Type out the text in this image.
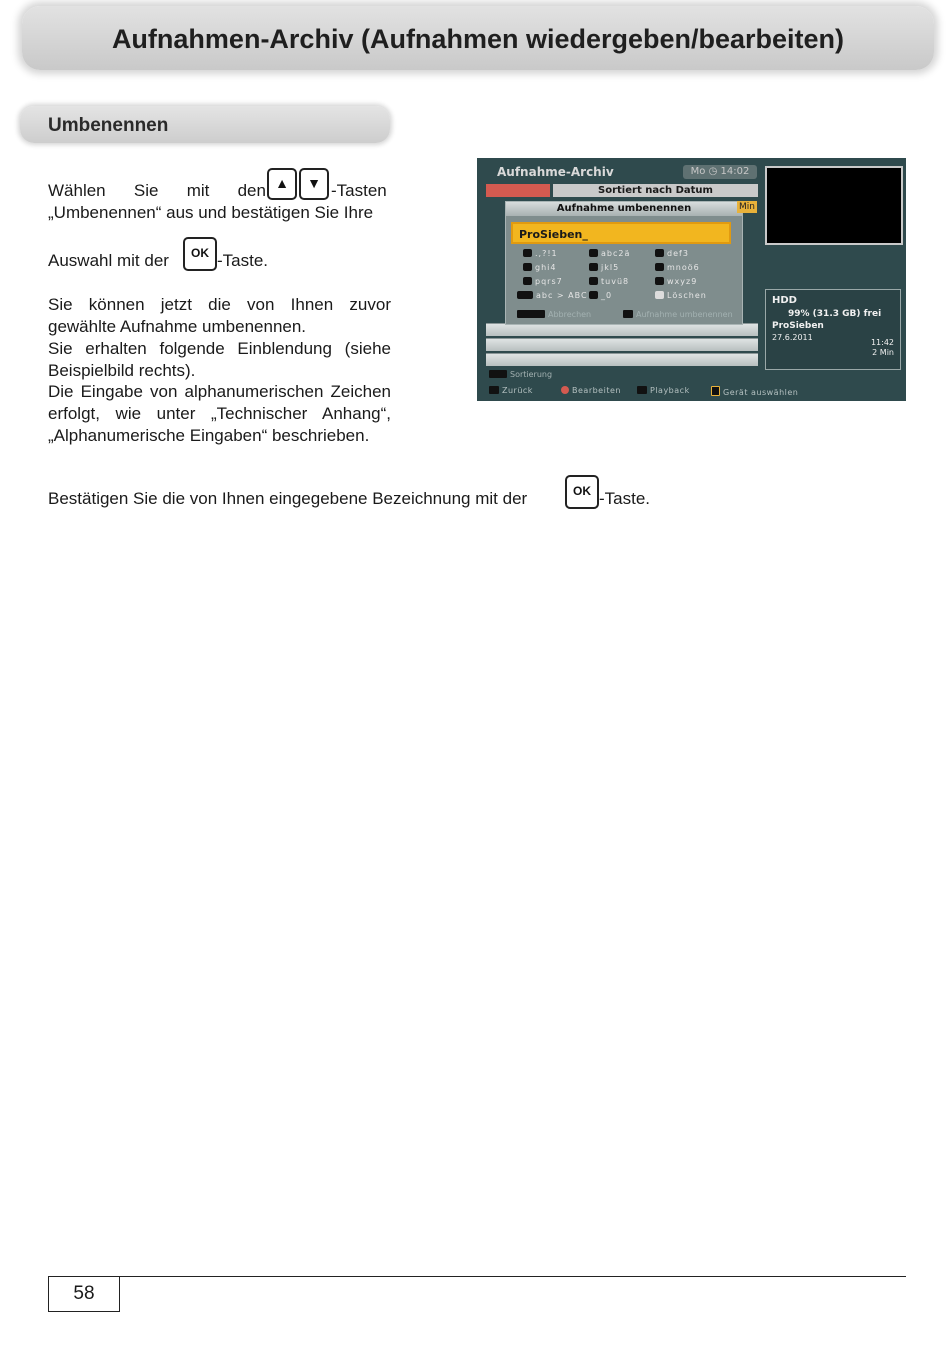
Aufnahmen-Archiv (Aufnahmen wiedergeben/bearbeiten)
Umbenennen
Wählen Sie mit den ▲	▼ -Tasten
„Umbenennen“ aus und bestätigen Sie Ihre
Auswahl mit der	OK -Taste.
Sie können jetzt die von Ihnen zuvor gewählte Aufnahme umbenennen.
Sie erhalten folgende Einblendung (siehe Beispielbild rechts).
Die Eingabe von alphanumerischen Zeichen erfolgt, wie unter „Technischer Anhang“, „Alphanumerische Eingaben“ beschrieben.
Bestätigen Sie die von Ihnen eingegebene Bezeichnung mit der	OK -Taste.
Aufnahme-Archiv	Mo ◷ 14:02
Sortiert nach Datum
Aufnahme umbenennen	Min
ProSieben_
.,?!1	abc2ä	def3
ghi4	jkl5	mnoö6
pqrs7	tuvü8	wxyz9
abc > ABC	_0	Löschen
Abbrechen	Aufnahme umbenennen
Sortierung
HDD
99% (31.3 GB) frei
ProSieben
27.6.2011
11:42
2 Min
Zurück	Bearbeiten	Playback	Gerät auswählen
58
